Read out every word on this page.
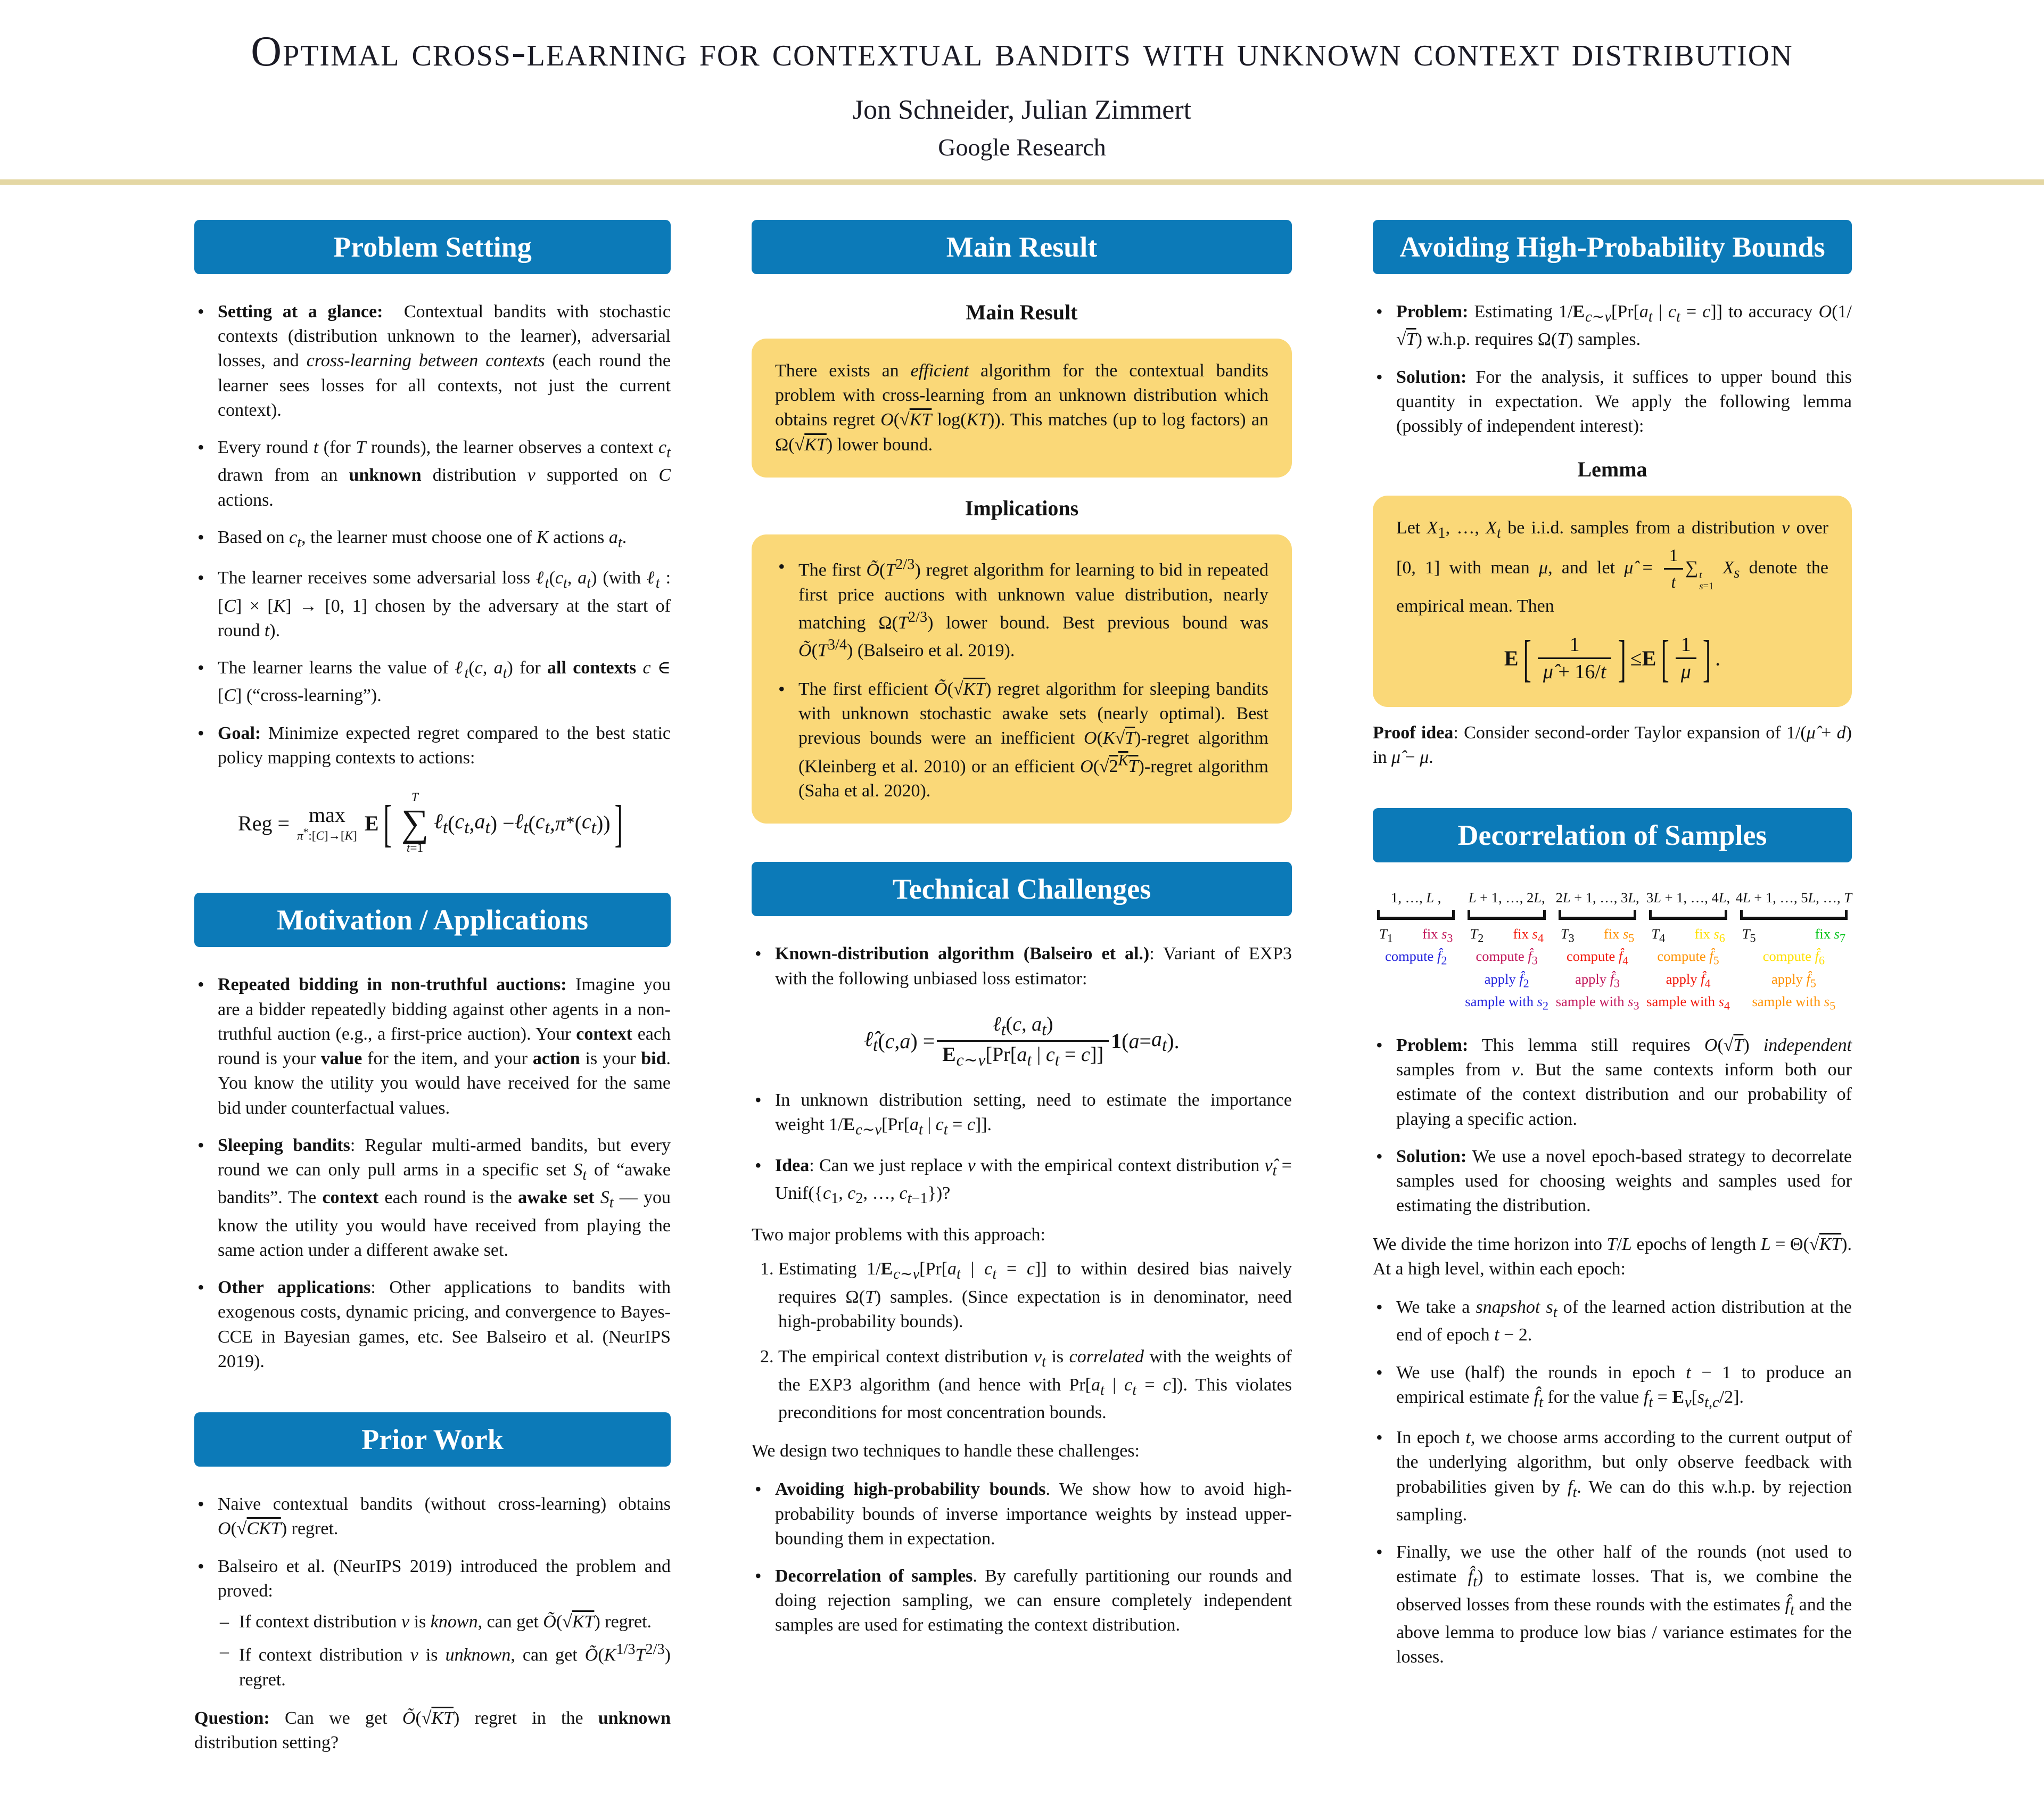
Optimal cross-learning for contextual bandits with unknown context distribution
Jon Schneider, Julian Zimmert
Google Research
Problem Setting
• Setting at a glance:  Contextual bandits with stochastic contexts (distribution unknown to the learner), adversarial losses, and cross-learning between contexts (each round the learner sees losses for all contexts, not just the current context).
• Every round t (for T rounds), the learner observes a context $c_t$ drawn from an unknown distribution ν supported on C actions.
• Based on $c_t$, the learner must choose one of K actions $a_t$.
• The learner receives some adversarial loss $\ell_t(c_t$, $a_t$) (with ℓ$_t$ : [C] × [K] → [0, 1] chosen by the adversary at the start of round t).
• The learner learns the value of ℓ$_t$(c, $a_t$) for all contexts c ∈ [C] (“cross-learning”).
• Goal: Minimize expected regret compared to the best static policy mapping contexts to actions:
Reg = max
π*:[C]→[K]
E [ T
∑
t=1
ℓ$_t$ ( $c_t$ , $a_t$ ) − ℓ$_t$ ( $c_t$ , π * ( $c_t$ )) ]
Motivation / Applications
• Repeated bidding in non-truthful auctions: Imagine you are a bidder repeatedly bidding against other agents in a non-truthful auction (e.g., a first-price auction). Your context each round is your value for the item, and your action is your bid. You know the utility you would have received for the same bid under counterfactual values.
• Sleeping bandits: Regular multi-armed bandits, but every round we can only pull arms in a specific set $S_t$ of “awake bandits”. The context each round is the awake set $S_t$ — you know the utility you would have received from playing the same action under a different awake set.
• Other applications: Other applications to bandits with exogenous costs, dynamic pricing, and convergence to Bayes-CCE in Bayesian games, etc. See Balseiro et al. (NeurIPS 2019).
Prior Work
• Naive contextual bandits (without cross-learning) obtains O(√CKT) regret.
• Balseiro et al. (NeurIPS 2019) introduced the problem and proved:
– If context distribution ν is known, can get Õ(√KT) regret.
– If context distribution ν is unknown, can get $Õ(K^{1/3}T^{2/3})$ regret.

Question: Can we get Õ(√KT) regret in the unknown distribution setting?

Main Result
Main Result
There exists an efficient algorithm for the contextual bandits problem with cross-learning from an unknown distribution which obtains regret O(√KT log(KT)). This matches (up to log factors) an Ω(√KT) lower bound.
Implications
• The first $Õ(T^{2/3})$ regret algorithm for learning to bid in repeated first price auctions with unknown value distribution, nearly matching $\Omega(T^{2/3})$ lower bound. Best previous bound was $Õ(T^{3/4})$ (Balseiro et al. 2019).
• The first efficient Õ(√KT) regret algorithm for sleeping bandits with unknown stochastic awake sets (nearly optimal). Best previous bounds were an inefficient O(K√T)-regret algorithm (Kleinberg et al. 2010) or an efficient $O(√2^KT)$-regret algorithm (Saha et al. 2020).
Technical Challenges
• Known-distribution algorithm (Balseiro et al.): Variant of EXP3 with the following unbiased loss estimator:
$\ell̂_t$ ( c , a ) = $\frac{\ell_t(c, a_t)}{E_{c\sim\nu}[Pr[a_t | c_t = c]]} 1$ ( $a = a_t$ ).
• In unknown distribution setting, need to estimate the importance weight $1/E_{c\sim\nu}[Pr[a_t$ | $c_t = c$]].
• Idea: Can we just replace ν with the empirical context distribution $\nû_t$ = $Unif(\{c_1$, $c_2$, …, $c_{t-1}$})?

Two major problems with this approach:

1. Estimating $1/E_{c\sim\nu}[Pr[a_t$ | $c_t = c$]] to within desired bias naively requires Ω(T) samples. (Since expectation is in denominator, need high-probability bounds).
2. The empirical context distribution $\nu_t$ is correlated with the weights of the EXP3 algorithm (and hence with $Pr[a_t$ | $c_t = c$]). This violates preconditions for most concentration bounds.

We design two techniques to handle these challenges:

• Avoiding high-probability bounds. We show how to avoid high-probability bounds of inverse importance weights by instead upper-bounding them in expectation.
• Decorrelation of samples. By carefully partitioning our rounds and doing rejection sampling, we can ensure completely independent samples are used for estimating the context distribution.
Avoiding High-Probability Bounds
• Problem: Estimating $1/E_{c\sim\nu}[Pr[a_t$ | $c_t = c$]] to accuracy O(1/√T) w.h.p. requires Ω(T) samples.
• Solution: For the analysis, it suffices to upper bound this quantity in expectation. We apply the following lemma (possibly of independent interest):
Lemma
Let $X_1$, …, $X_t$ be i.i.d. samples from a distribution ν over [0, 1] with mean μ, and let μ̂ = $\frac{1}{t}$ ∑ t
s=1
$X_s$ denote the empirical mean. Then
E [ $\frac{1}{\mû + 16/t}$ ] ≤ E [ $\frac{1}{\mu}$ ] .

Proof idea: Consider second-order Taylor expansion of 1/(μ̂ + d) in μ̂ − μ.

Decorrelation of Samples
1, …, L ,
$T_1$ fix $s_3$
compute $f̂_2$
L + 1, …, 2L,
$T_2$ fix $s_4$
compute $f̂_3$
apply $f̂_2$
sample with $s_2$
2L + 1, …, 3L,
$T_3$ fix $s_5$
compute $f̂_4$
apply $f̂_3$
sample with $s_3$
3L + 1, …, 4L,
$T_4$ fix $s_6$
compute $f̂_5$
apply $f̂_4$
sample with $s_4$
4L + 1, …, 5L, …, T
$T_5$	fix $s_7$
compute $f̂_6$
apply $f̂_5$
sample with $s_5$
• Problem: This lemma still requires O(√T) independent samples from ν. But the same contexts inform both our estimate of the context distribution and our probability of playing a specific action.
• Solution: We use a novel epoch-based strategy to decorrelate samples used for choosing weights and samples used for estimating the distribution.

We divide the time horizon into T/L epochs of length L = Θ(√KT). At a high level, within each epoch:

• We take a snapshot $s_t$ of the learned action distribution at the end of epoch t − 2.
• We use (half) the rounds in epoch t − 1 to produce an empirical estimate $f̂_t$ for the value $f_t = E_\nu[s_{t,c}/2]$.
• In epoch t, we choose arms according to the current output of the underlying algorithm, but only observe feedback with probabilities given by $f_t$. We can do this w.h.p. by rejection sampling.
• Finally, we use the other half of the rounds (not used to estimate $f̂_t$) to estimate losses. That is, we combine the observed losses from these rounds with the estimates $f̂_t$ and the above lemma to produce low bias / variance estimates for the losses.
